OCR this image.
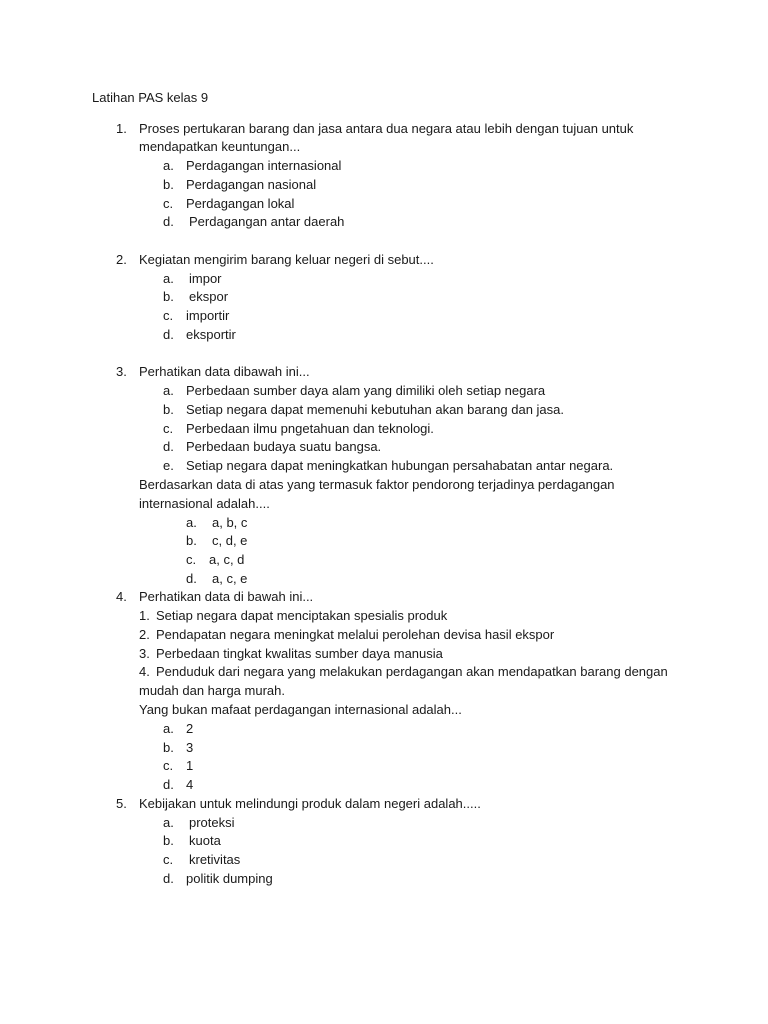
Latihan PAS kelas 9
1. Proses pertukaran barang dan jasa antara dua negara atau lebih dengan tujuan untuk
mendapatkan keuntungan...
a. Perdagangan internasional
b. Perdagangan nasional
c. Perdagangan lokal
d. Perdagangan antar daerah
2. Kegiatan mengirim barang keluar negeri di sebut....
a. impor
b. ekspor
c. importir
d. eksportir
3. Perhatikan data dibawah ini...
a. Perbedaan sumber daya alam yang dimiliki oleh setiap negara
b. Setiap negara dapat memenuhi kebutuhan akan barang dan jasa.
c. Perbedaan ilmu pngetahuan dan teknologi.
d. Perbedaan budaya suatu bangsa.
e. Setiap negara dapat meningkatkan hubungan persahabatan antar negara.
Berdasarkan data di atas yang termasuk faktor pendorong terjadinya perdagangan
internasional adalah....
a. a, b, c
b. c, d, e
c. a, c, d
d. a, c, e
4. Perhatikan data di bawah ini...
1. Setiap negara dapat menciptakan spesialis produk
2. Pendapatan negara meningkat melalui perolehan devisa hasil ekspor
3. Perbedaan tingkat kwalitas sumber daya manusia
4. Penduduk dari negara yang melakukan perdagangan akan mendapatkan barang dengan
mudah dan harga murah.
Yang bukan mafaat perdagangan internasional adalah...
a. 2
b. 3
c. 1
d. 4
5. Kebijakan untuk melindungi produk dalam negeri adalah.....
a. proteksi
b. kuota
c. kretivitas
d. politik dumping
